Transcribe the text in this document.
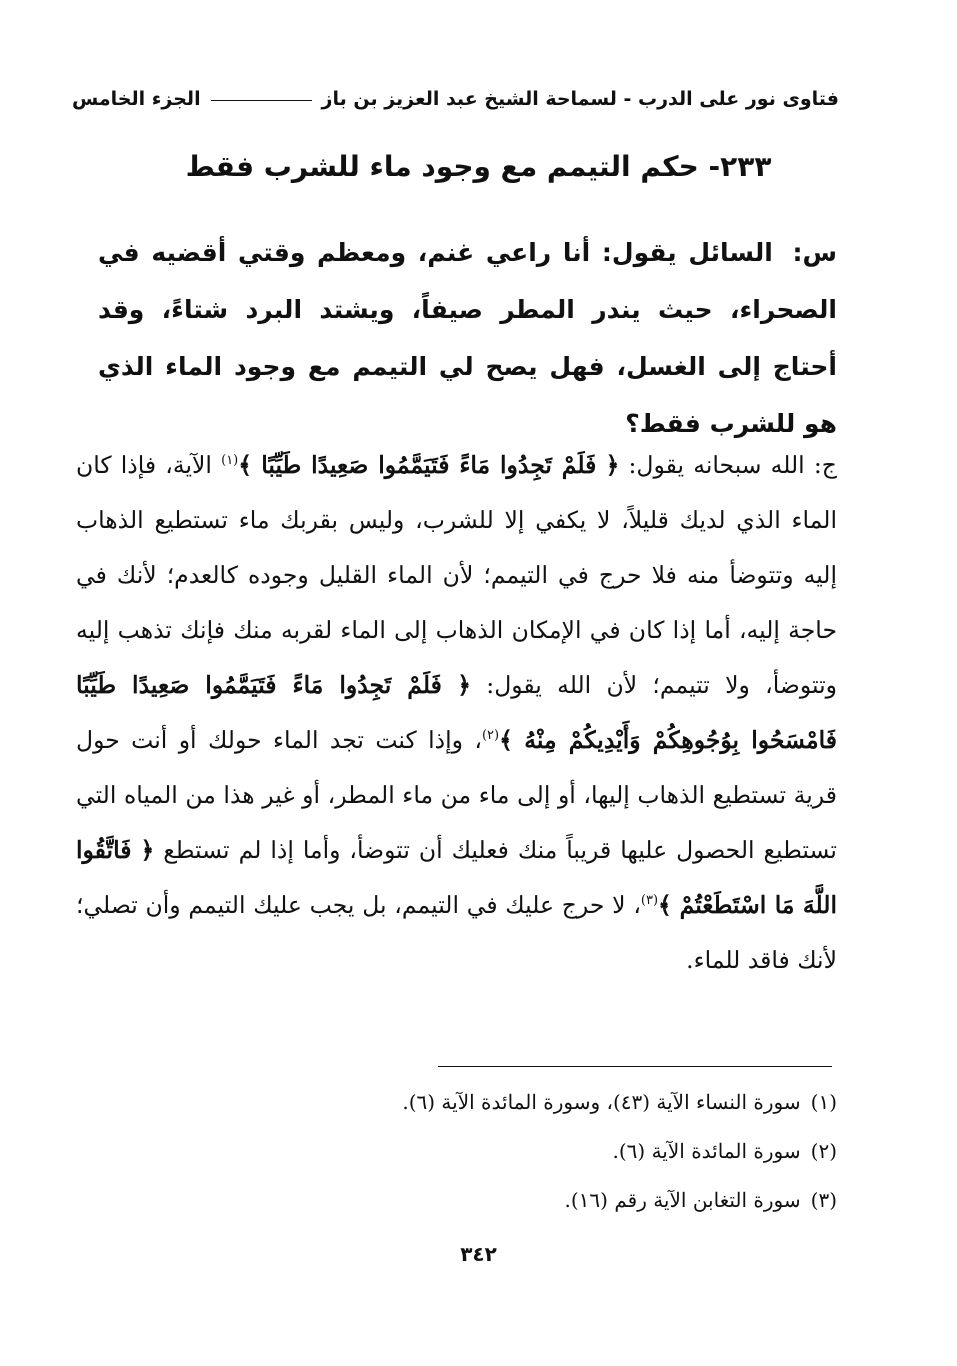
فتاوى نور على الدرب - لسماحة الشيخ عبد العزيز بن باز
الجزء الخامس
٢٣٣- حكم التيمم مع وجود ماء للشرب فقط
س: السائل يقول: أنا راعي غنم، ومعظم وقتي أقضيه في الصحراء، حيث يندر المطر صيفاً، ويشتد البرد شتاءً، وقد أحتاج إلى الغسل، فهل يصح لي التيمم مع وجود الماء الذي هو للشرب فقط؟
ج: الله سبحانه يقول: ﴿ فَلَمْ تَجِدُوا مَاءً فَتَيَمَّمُوا صَعِيدًا طَيِّبًا ﴾$^{(١)}$ الآية، فإذا كان الماء الذي لديك قليلاً، لا يكفي إلا للشرب، وليس بقربك ماء تستطيع الذهاب إليه وتتوضأ منه فلا حرج في التيمم؛ لأن الماء القليل وجوده كالعدم؛ لأنك في حاجة إليه، أما إذا كان في الإمكان الذهاب إلى الماء لقربه منك فإنك تذهب إليه وتتوضأ، ولا تتيمم؛ لأن الله يقول: ﴿ فَلَمْ تَجِدُوا مَاءً فَتَيَمَّمُوا صَعِيدًا طَيِّبًا فَامْسَحُوا بِوُجُوهِكُمْ وَأَيْدِيكُمْ مِنْهُ ﴾$^{(٢)}$، وإذا كنت تجد الماء حولك أو أنت حول قرية تستطيع الذهاب إليها، أو إلى ماء من ماء المطر، أو غير هذا من المياه التي تستطيع الحصول عليها قريباً منك فعليك أن تتوضأ، وأما إذا لم تستطع ﴿ فَاتَّقُوا اللَّهَ مَا اسْتَطَعْتُمْ ﴾$^{(٣)}$، لا حرج عليك في التيمم، بل يجب عليك التيمم وأن تصلي؛ لأنك فاقد للماء.
(١)
سورة النساء الآية (٤٣)، وسورة المائدة الآية (٦).
(٢)
سورة المائدة الآية (٦).
(٣)
سورة التغابن الآية رقم (١٦).
٣٤٢
